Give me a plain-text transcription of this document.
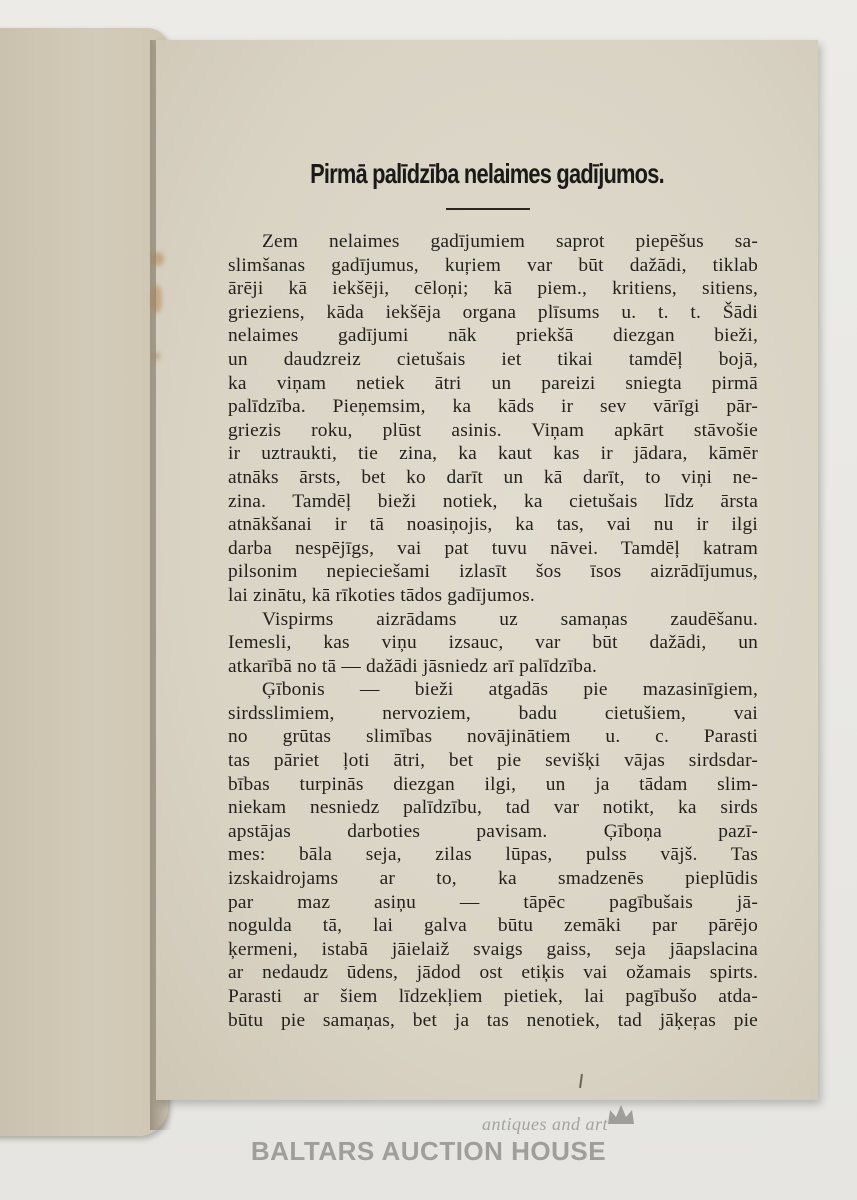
Pirmā palīdzība nelaimes gadījumos.
Zem nelaimes gadījumiem saprot piepēšus sa-
slimšanas gadījumus, kuŗiem var būt dažādi, tiklab
ārēji kā iekšēji, cēloņi; kā piem., kritiens, sitiens,
grieziens, kāda iekšēja organa plīsums u. t. t. Šādi
nelaimes gadījumi nāk priekšā diezgan bieži,
un daudzreiz cietušais iet tikai tamdēļ bojā,
ka viņam netiek ātri un pareizi sniegta pirmā
palīdzība. Pieņemsim, ka kāds ir sev vārīgi pār-
griezis roku, plūst asinis. Viņam apkārt stāvošie
ir uztraukti, tie zina, ka kaut kas ir jādara, kāmēr
atnāks ārsts, bet ko darīt un kā darīt, to viņi ne-
zina. Tamdēļ bieži notiek, ka cietušais līdz ārsta
atnākšanai ir tā noasiņojis, ka tas, vai nu ir ilgi
darba nespējīgs, vai pat tuvu nāvei. Tamdēļ katram
pilsonim nepieciešami izlasīt šos īsos aizrādījumus,
lai zinātu, kā rīkoties tādos gadījumos.
Vispirms aizrādams uz samaņas zaudēšanu.
Iemesli, kas viņu izsauc, var būt dažādi, un
atkarībā no tā — dažādi jāsniedz arī palīdzība.
Ģībonis — bieži atgadās pie mazasinīgiem,
sirdsslimiem, nervoziem, badu cietušiem, vai
no grūtas slimības novājinātiem u. c. Parasti
tas pāriet ļoti ātri, bet pie sevišķi vājas sirdsdar-
bības turpinās diezgan ilgi, un ja tādam slim-
niekam nesniedz palīdzību, tad var notikt, ka sirds
apstājas darboties pavisam. Ģīboņa pazī-
mes: bāla seja, zilas lūpas, pulss vājš. Tas
izskaidrojams ar to, ka smadzenēs pieplūdis
par maz asiņu — tāpēc pagībušais jā-
nogulda tā, lai galva būtu zemāki par pārējo
ķermeni, istabā jāielaiž svaigs gaiss, seja jāapslacina
ar nedaudz ūdens, jādod ost etiķis vai ožamais spirts.
Parasti ar šiem līdzekļiem pietiek, lai pagībušo atda-
būtu pie samaņas, bet ja tas nenotiek, tad jāķeŗas pie
antiques and art
BALTARS AUCTION HOUSE
